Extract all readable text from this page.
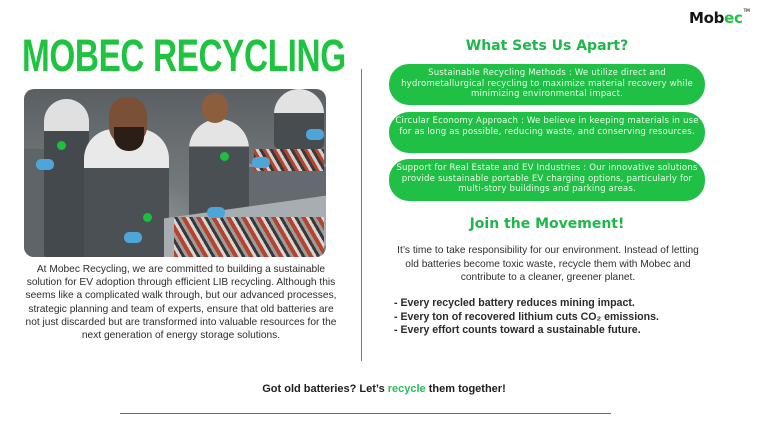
Mobec™
MOBEC RECYCLING

At Mobec Recycling, we are committed to building a sustainable solution for EV adoption through efficient LIB recycling. Although this seems like a complicated walk through, but our advanced processes, strategic planning and team of experts, ensure that old batteries are not just discarded but are transformed into valuable resources for the next generation of energy storage solutions.

What Sets Us Apart?
Sustainable Recycling Methods : We utilize direct and hydrometallurgical recycling to maximize material recovery while minimizing environmental impact.
Circular Economy Approach : We believe in keeping materials in use for as long as possible, reducing waste, and conserving resources.
Support for Real Estate and EV Industries : Our innovative solutions provide sustainable portable EV charging options, particularly for multi-story buildings and parking areas.
Join the Movement!

It’s time to take responsibility for our environment. Instead of letting old batteries become toxic waste, recycle them with Mobec and contribute to a cleaner, greener planet.

- Every recycled battery reduces mining impact.
- Every ton of recovered lithium cuts CO₂ emissions.
- Every effort counts toward a sustainable future.

Got old batteries? Let’s recycle them together!
